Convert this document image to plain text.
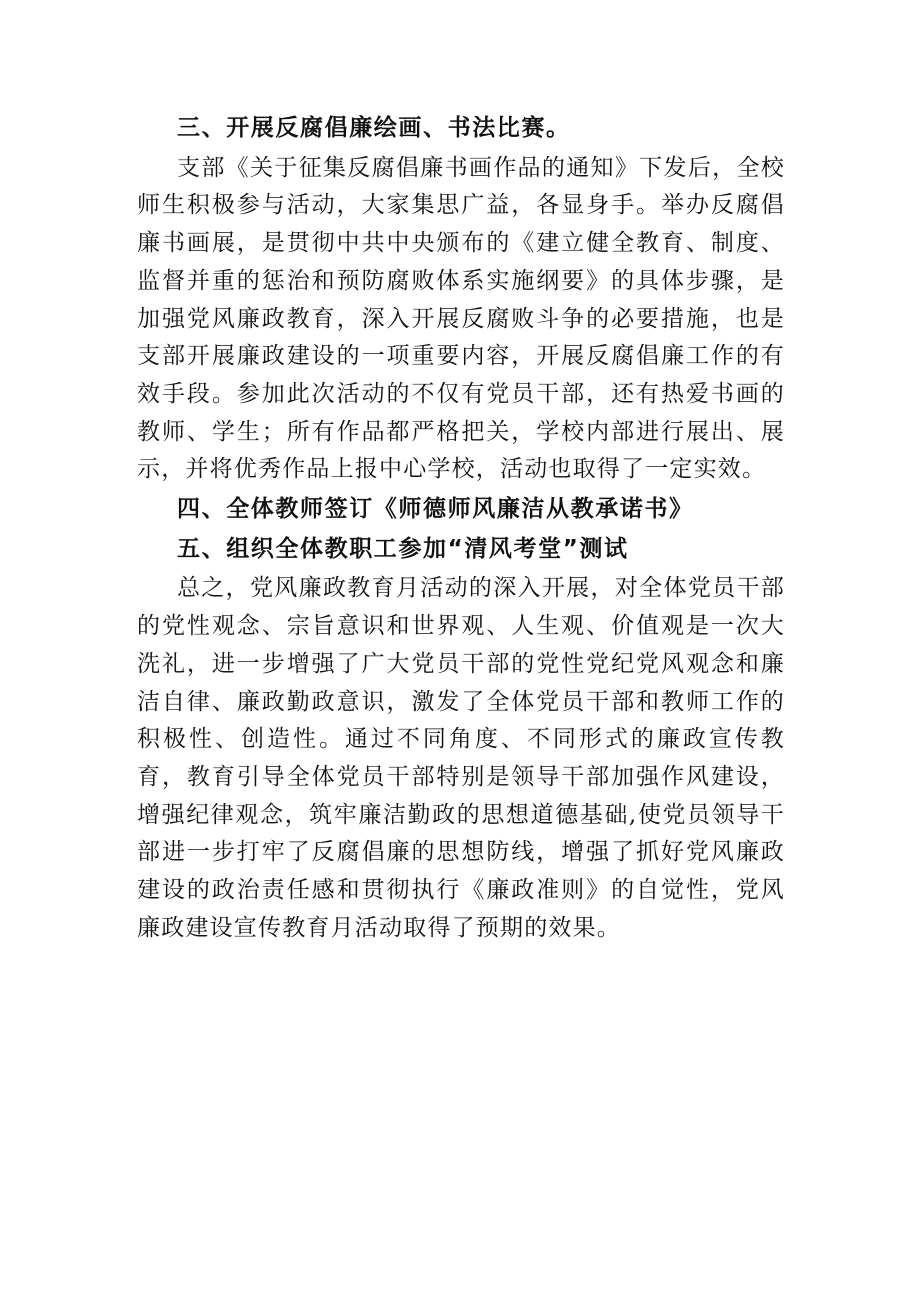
三、开展反腐倡廉绘画、书法比赛。

支部《关于征集反腐倡廉书画作品的通知》下发后，全校师生积极参与活动，大家集思广益，各显身手。举办反腐倡廉书画展，是贯彻中共中央颁布的《建立健全教育、制度、监督并重的惩治和预防腐败体系实施纲要》的具体步骤，是加强党风廉政教育，深入开展反腐败斗争的必要措施，也是支部开展廉政建设的一项重要内容，开展反腐倡廉工作的有效手段。参加此次活动的不仅有党员干部，还有热爱书画的教师、学生；所有作品都严格把关，学校内部进行展出、展示，并将优秀作品上报中心学校，活动也取得了一定实效。

四、全体教师签订《师德师风廉洁从教承诺书》

五、组织全体教职工参加“清风考堂”测试

总之，党风廉政教育月活动的深入开展，对全体党员干部的党性观念、宗旨意识和世界观、人生观、价值观是一次大洗礼，进一步增强了广大党员干部的党性党纪党风观念和廉洁自律、廉政勤政意识，激发了全体党员干部和教师工作的积极性、创造性。通过不同角度、不同形式的廉政宣传教育，教育引导全体党员干部特别是领导干部加强作风建设，增强纪律观念，筑牢廉洁勤政的思想道德基础,使党员领导干部进一步打牢了反腐倡廉的思想防线，增强了抓好党风廉政建设的政治责任感和贯彻执行《廉政准则》的自觉性，党风廉政建设宣传教育月活动取得了预期的效果。
